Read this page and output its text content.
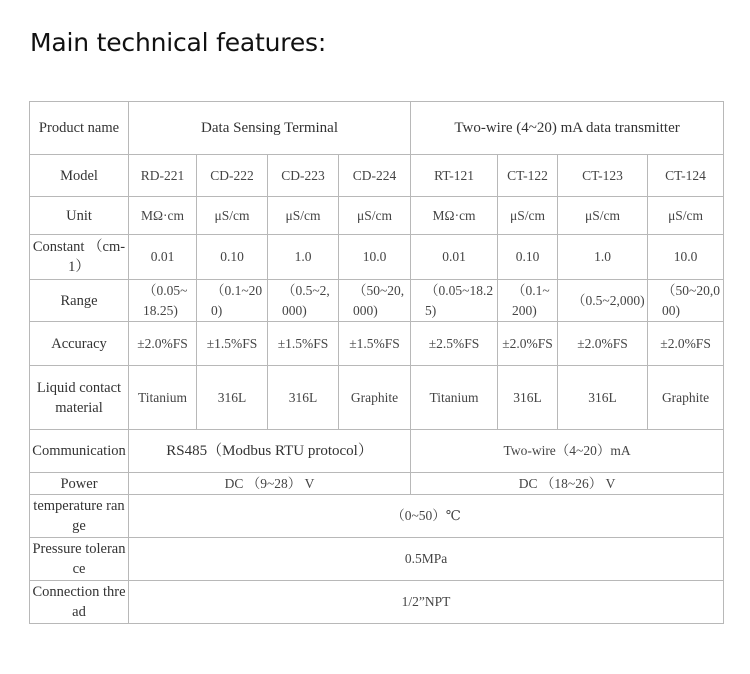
Main technical features:
Product name	Data Sensing Terminal				Two-wire (4~20) mA data transmitter			
Model	RD-221	CD-222	CD-223	CD-224	RT-121	CT-122	CT-123	CT-124
Unit	MΩ·cm	μS/cm	μS/cm	μS/cm	MΩ·cm	μS/cm	μS/cm	μS/cm
Constant （cm-1）	0.01	0.10	1.0	10.0	0.01	0.10	1.0	10.0
Range	（0.05~18.25)	（0.1~200)	（0.5~2,000)	（50~20,000)	（0.05~18.25)	（0.1~200)	（0.5~2,000)	（50~20,000)
Accuracy	±2.0%FS	±1.5%FS	±1.5%FS	±1.5%FS	±2.5%FS	±2.0%FS	±2.0%FS	±2.0%FS
Liquid contact material	Titanium	316L	316L	Graphite	Titanium	316L	316L	Graphite
Communication	RS485（Modbus RTU protocol）				Two-wire（4~20）mA			
Power	DC （9~28） V				DC （18~26） V			
temperature range	（0~50）℃							
Pressure tolerance	0.5MPa							
Connection thread	1/2”NPT							
